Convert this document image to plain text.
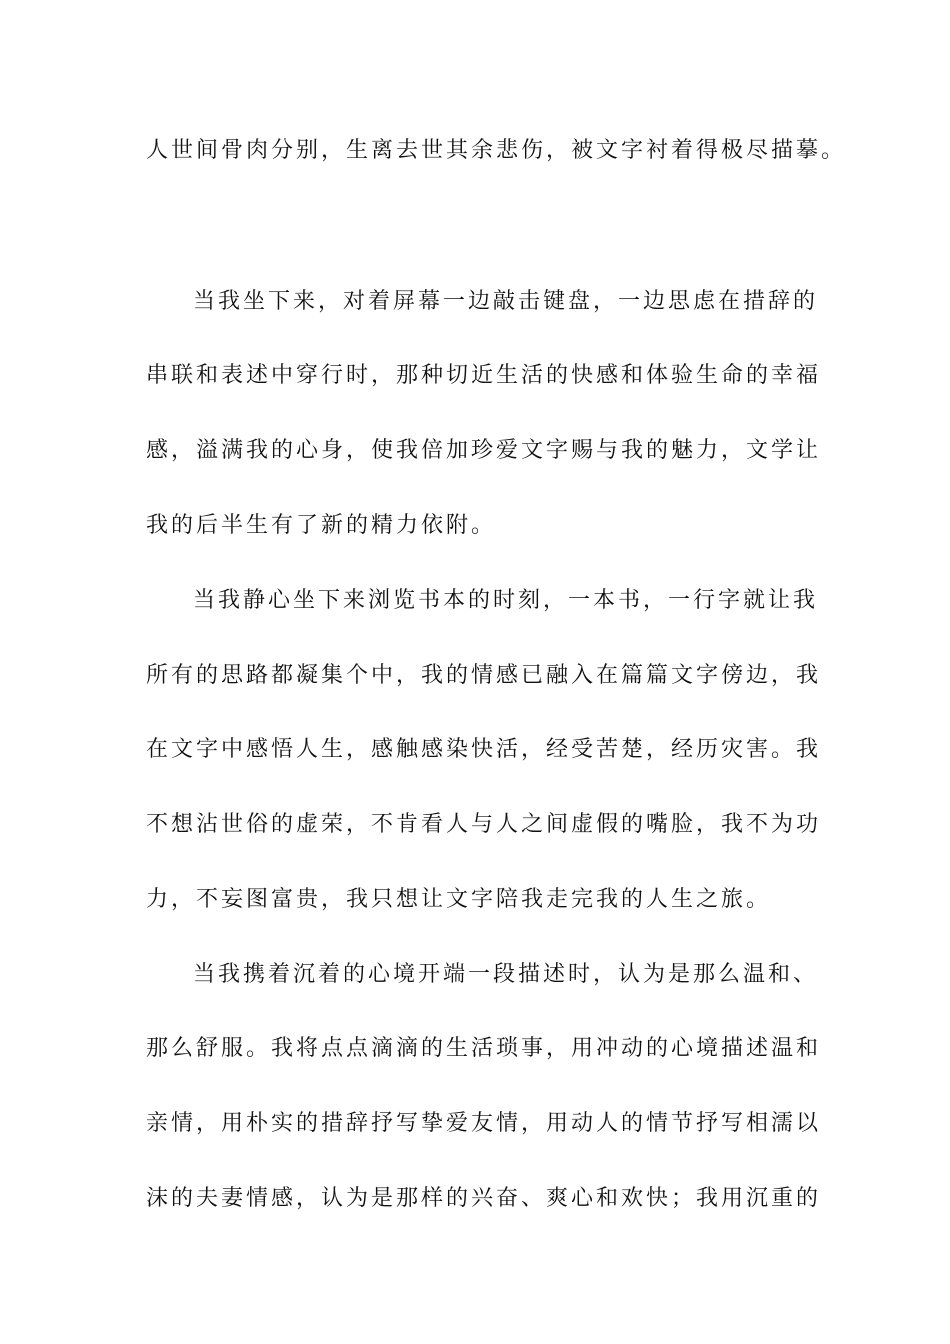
人世间骨肉分别，生离去世其余悲伤，被文字衬着得极尽描摹。
当我坐下来，对着屏幕一边敲击键盘，一边思虑在措辞的
串联和表述中穿行时，那种切近生活的快感和体验生命的幸福
感，溢满我的心身，使我倍加珍爱文字赐与我的魅力，文学让
我的后半生有了新的精力依附。
当我静心坐下来浏览书本的时刻，一本书，一行字就让我
所有的思路都凝集个中，我的情感已融入在篇篇文字傍边，我
在文字中感悟人生，感触感染快活，经受苦楚，经历灾害。我
不想沾世俗的虚荣，不肯看人与人之间虚假的嘴脸，我不为功
力，不妄图富贵，我只想让文字陪我走完我的人生之旅。
当我携着沉着的心境开端一段描述时，认为是那么温和、
那么舒服。我将点点滴滴的生活琐事，用冲动的心境描述温和
亲情，用朴实的措辞抒写挚爱友情，用动人的情节抒写相濡以
沫的夫妻情感，认为是那样的兴奋、爽心和欢快；我用沉重的
